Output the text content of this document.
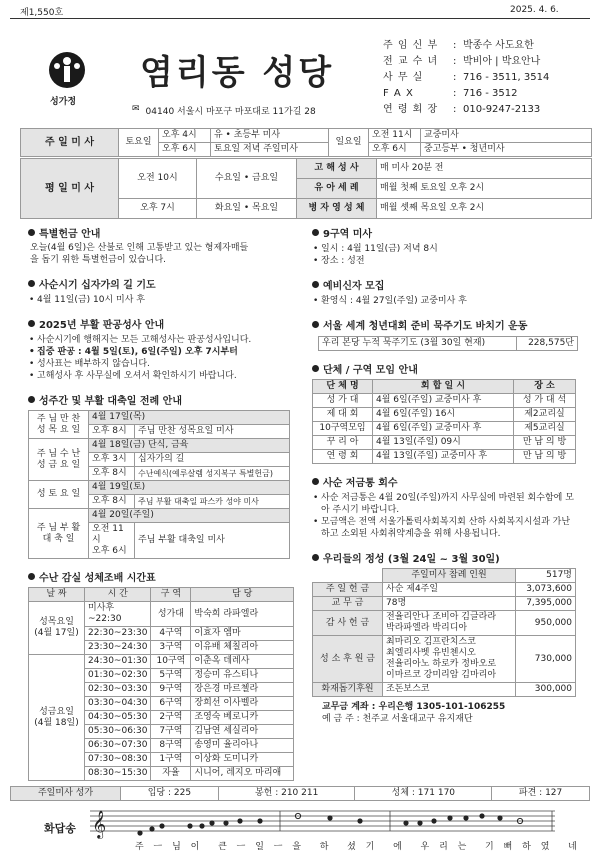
제1,550호	2025. 4. 6.
성가정
염리동 성당
✉ 04140 서울시 마포구 마포대로 11가길 28
주 임 신 부	: 박종수 사도요한
전 교 수 녀	: 박비아 | 박요안나
사 무 실	: 716 - 3511, 3514
F A X	: 716 - 3512
연 령 회 장	: 010-9247-2133
주 일 미 사	토요일	오후 4시	유 • 초등부 미사	일요일	오전 11시	교중미사
		오후 6시	토요일 저녁 주일미사		오후 6시	중고등부 • 청년미사
평 일 미 사	오전 10시	수요일 • 금요일	고 해 성 사	매 미사 20분 전
			유 아 세 례	매월 첫째 토요일 오후 2시
	오후 7시	화요일 • 목요일	병 자 영 성 체	매월 셋째 목요일 오후 2시
특별헌금 안내
오늘(4월 6일)은 산불로 인해 고통받고 있는 형제자매들
을 돕기 위한 특별헌금이 있습니다.
사순시기 십자가의 길 기도
• 4월 11일(금) 10시 미사 후
2025년 부활 판공성사 안내
• 사순시기에 행해지는 모든 고해성사는 판공성사입니다.
• 집중 판공 : 4월 5일(토), 6일(주일) 오후 7시부터
• 성사표는 배부하지 않습니다.
• 고해성사 후 사무실에 오셔서 확인하시기 바랍니다.
성주간 및 부활 대축일 전례 안내
주 님 만 찬
성 목 요 일	4월 17일(목)	
	오후 8시	주님 만찬 성목요일 미사
주 님 수 난
성 금 요 일	4월 18일(금) 단식, 금육	
	오후 3시	십자가의 길
	오후 8시	수난예식(예루살렘 성지복구 특별헌금)
성 토 요 일	4월 19일(토)	
	오후 8시	주님 부활 대축일 파스카 성야 미사
주 님 부 활
대 축 일	4월 20일(주일)	
	오전 11시
오후 6시	주님 부활 대축일 미사
수난 감실 성체조배 시간표
날 짜	시 간	구 역	담 당
성목요일
(4월 17일)	미사후~22:30	성가대	박숙희 라파엘라
	22:30~23:30	4구역	이효자 엠마
	23:30~24:30	3구역	이유배 체칠리아
성금요일
(4월 18일)	24:30~01:30	10구역	이춘옥 데레사
	01:30~02:30	5구역	정승미 유스티나
	02:30~03:30	9구역	장은경 마르첼라
	03:30~04:30	6구역	장희선 이사벨라
	04:30~05:30	2구역	조영숙 베로니카
	05:30~06:30	7구역	김남연 세실리아
	06:30~07:30	8구역	송영미 율리아나
	07:30~08:30	1구역	이상화 도미니카
	08:30~15:30	자율	시니어, 레지오 마리애
9구역 미사
• 일시 : 4월 11일(금) 저녁 8시
• 장소 : 성전
예비신자 모집
• 환영식 : 4월 27일(주일) 교중미사 후
서울 세계 청년대회 준비 묵주기도 바치기 운동
우리 본당 누적 묵주기도 (3월 30일 현재)	228,575단
단체 / 구역 모임 안내
단 체 명	회 합 일 시	장 소
성 가 대	4월 6일(주일) 교중미사 후	성 가 대 석
제 대 회	4월 6일(주일) 16시	제2교리실
10구역모임	4월 6일(주일) 교중미사 후	제5교리실
꾸 리 아	4월 13일(주일) 09시	만 남 의 방
연 령 회	4월 13일(주일) 교중미사 후	만 남 의 방
사순 저금통 회수
• 사순 저금통은 4월 20일(주일)까지 사무실에 마련된 회수함에 모아 주시기 바랍니다.
• 모금액은 전액 서울가톨릭사회복지회 산하 사회복지시설과 가난하고 소외된 사회취약계층을 위해 사용됩니다.
우리들의 정성 (3월 24일 ~ 3월 30일)
	주일미사 참례 인원	517명
주 일 헌 금	사순 제4주일	3,073,600
교 무 금	78명	7,395,000
감 사 헌 금	전율리안나 조비아 김글라라
박라파엘라 박리디아	950,000
성 소 후 원 금	최마리오 김프란치스코
최엘리사벳 유빈첸시오
전율리아노 하로카 정바오로
이마르코 강미리암 김마리아	730,000
화재돕기후원	조돈보스코	300,000
교무금 계좌 : 우리은행 1305-101-106255
예 금 주 : 천주교 서울대교구 유지재단
주일미사 성가	입당 : 225	봉헌 : 210 211	성체 : 171 170	파견 : 127
화답송 𝄞
주 ㅡ 님 이  큰 ㅡ 일 ㅡ 을  하  셨 기  에  우 리 는  기 뻐 하 였  네
